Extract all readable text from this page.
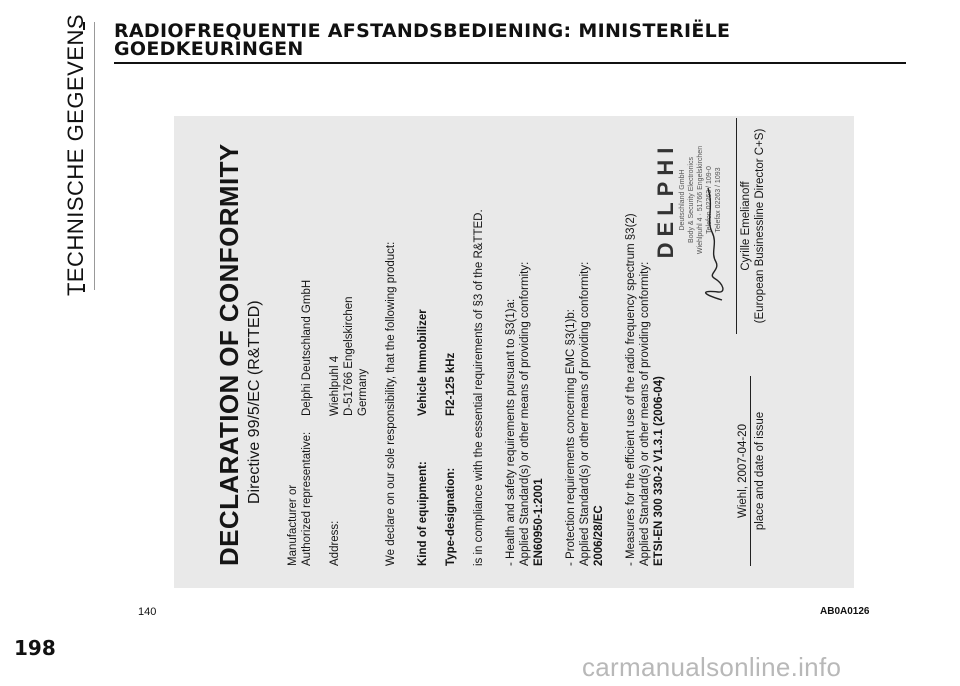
TECHNISCHE GEGEVENS RADIOFREQUENTIE AFSTANDSBEDIENING: MINISTERIËLE
GOEDKEURINGEN
DECLARATION OF CONFORMITY Directive 99/5/EC (R&TTED)
Manufacturer or Authorized representative:

Delphi Deutschland GmbH
Address:
Wiehlpuhl 4 D-51766 Engelskirchen Germany We declare on our sole responsibility, that the following product: Kind of equipment:
Vehicle Immobilizer
Type-designation:
FI2-125 kHz is in compliance with the essential requirements of §3 of the R&TTED. - Health and safety requirements pursuant to §3(1)a: Applied Standard(s) or other means of providing conformity: EN60950-1:2001 - Protection requirements concerning EMC §3(1)b: Applied Standard(s) or other means of providing conformity: 2006/28/EC - Measures for the efficient use of the radio frequency spectrum §3(2) Applied Standard(s) or other means of providing conformity: ETSI-EN 300 330-2 V1.3.1 (2006-04)
DELPHI Deutschland GmbH Body & Security Electronics Wiehlpuhl 4 · 51766 Engelskirchen Telefon 02263 / 109-0 Telefax 02263 / 1093
Wiehl, 2007-04-20 place and date of issue
Cyrille Emelianoff (European Businessline Director C+S)
140	AB0A0126
198
carmanualsonline.info
